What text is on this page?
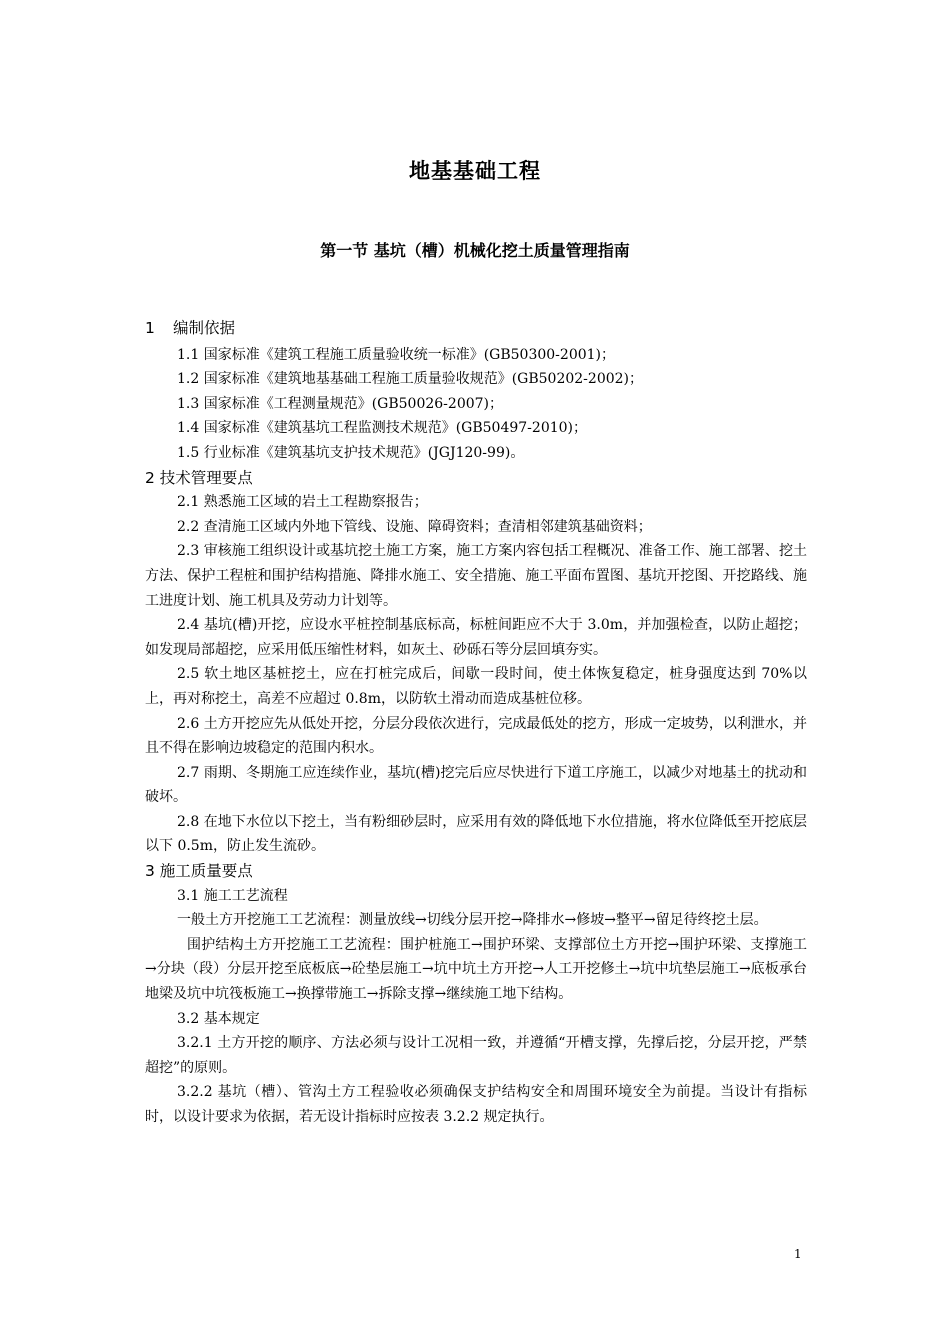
地基基础工程
第一节 基坑（槽）机械化挖土质量管理指南
1 编制依据
1.1 国家标准《建筑工程施工质量验收统一标准》(GB50300-2001)；
1.2 国家标准《建筑地基基础工程施工质量验收规范》(GB50202-2002)；
1.3 国家标准《工程测量规范》(GB50026-2007)；
1.4 国家标准《建筑基坑工程监测技术规范》(GB50497-2010)；
1.5 行业标准《建筑基坑支护技术规范》(JGJ120-99)。
2 技术管理要点
2.1 熟悉施工区域的岩土工程勘察报告；
2.2 查清施工区域内外地下管线、设施、障碍资料；查清相邻建筑基础资料；
2.3 审核施工组织设计或基坑挖土施工方案，施工方案内容包括工程概况、准备工作、施工部署、挖土方法、保护工程桩和围护结构措施、降排水施工、安全措施、施工平面布置图、基坑开挖图、开挖路线、施工进度计划、施工机具及劳动力计划等。
2.4 基坑(槽)开挖，应设水平桩控制基底标高，标桩间距应不大于 3.0m，并加强检查，以防止超挖；如发现局部超挖，应采用低压缩性材料，如灰土、砂砾石等分层回填夯实。
2.5 软土地区基桩挖土，应在打桩完成后，间歇一段时间，使土体恢复稳定，桩身强度达到 70%以上，再对称挖土，高差不应超过 0.8m，以防软土滑动而造成基桩位移。
2.6 土方开挖应先从低处开挖，分层分段依次进行，完成最低处的挖方，形成一定坡势，以利泄水，并且不得在影响边坡稳定的范围内积水。
2.7 雨期、冬期施工应连续作业，基坑(槽)挖完后应尽快进行下道工序施工，以减少对地基土的扰动和破坏。
2.8 在地下水位以下挖土，当有粉细砂层时，应采用有效的降低地下水位措施，将水位降低至开挖底层以下 0.5m，防止发生流砂。
3 施工质量要点
3.1 施工工艺流程
一般土方开挖施工工艺流程：测量放线→切线分层开挖→降排水→修坡→整平→留足待终挖土层。
围护结构土方开挖施工工艺流程：围护桩施工→围护环梁、支撑部位土方开挖→围护环梁、支撑施工→分块（段）分层开挖至底板底→砼垫层施工→坑中坑土方开挖→人工开挖修土→坑中坑垫层施工→底板承台地梁及坑中坑筏板施工→换撑带施工→拆除支撑→继续施工地下结构。
3.2 基本规定
3.2.1 土方开挖的顺序、方法必须与设计工况相一致，并遵循“开槽支撑，先撑后挖，分层开挖，严禁超挖”的原则。
3.2.2 基坑（槽）、管沟土方工程验收必须确保支护结构安全和周围环境安全为前提。当设计有指标时，以设计要求为依据，若无设计指标时应按表 3.2.2 规定执行。
1
